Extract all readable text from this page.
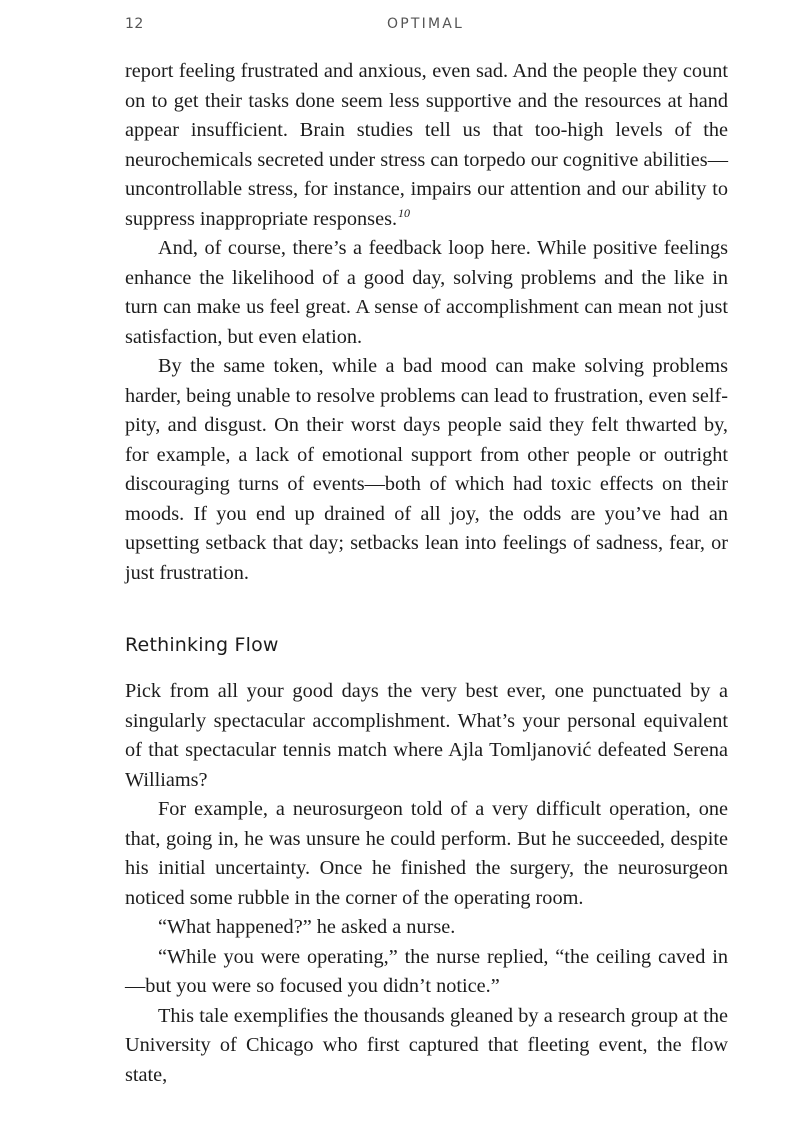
12	OPTIMAL

report feeling frustrated and anxious, even sad. And the people they count on to get their tasks done seem less supportive and the resources at hand appear insufficient. Brain studies tell us that too-high levels of the neurochemicals secreted under stress can torpedo our cognitive abilities—uncontrollable stress, for instance, impairs our attention and our ability to suppress inappropriate responses.$^{10}$

And, of course, there’s a feedback loop here. While positive feelings enhance the likelihood of a good day, solving problems and the like in turn can make us feel great. A sense of accomplishment can mean not just satisfaction, but even elation.

By the same token, while a bad mood can make solving problems harder, being unable to resolve problems can lead to frustration, even self-pity, and disgust. On their worst days people said they felt thwarted by, for example, a lack of emotional support from other people or outright discouraging turns of events—both of which had toxic effects on their moods. If you end up drained of all joy, the odds are you’ve had an upsetting setback that day; setbacks lean into feelings of sadness, fear, or just frustration.

Rethinking Flow

Pick from all your good days the very best ever, one punctuated by a singularly spectacular accomplishment. What’s your personal equivalent of that spectacular tennis match where Ajla Tomljanović defeated Serena Williams?

For example, a neurosurgeon told of a very difficult operation, one that, going in, he was unsure he could perform. But he succeeded, despite his initial uncertainty. Once he finished the surgery, the neurosurgeon noticed some rubble in the corner of the operating room.

“What happened?” he asked a nurse.

“While you were operating,” the nurse replied, “the ceiling caved in—but you were so focused you didn’t notice.”

This tale exemplifies the thousands gleaned by a research group at the University of Chicago who first captured that fleeting event, the flow state,
